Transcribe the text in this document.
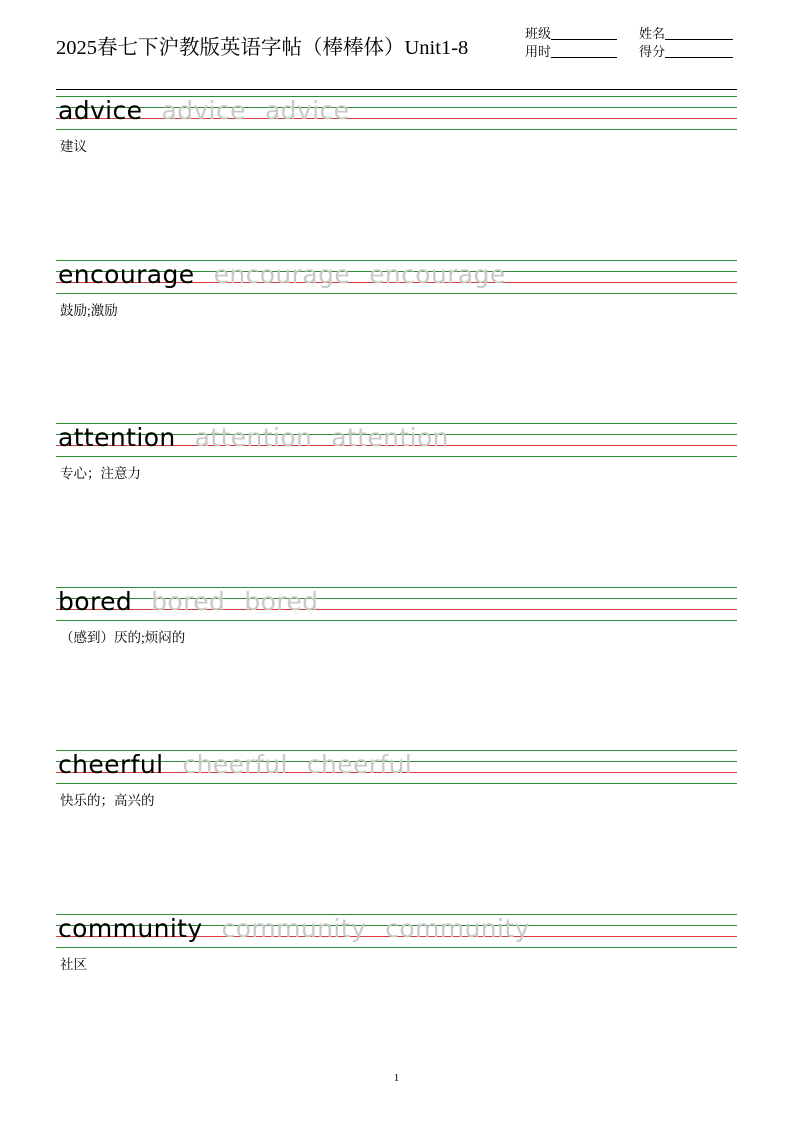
2025春七下沪教版英语字帖（棒棒体）Unit1-8
班级	姓名
用时	得分
advice advice advice
建议
encourage encourage encourage
鼓励;激励
attention attention attention
专心；注意力
bored bored bored
（感到）厌的;烦闷的
cheerful cheerful cheerful
快乐的；高兴的
community community community
社区
1
